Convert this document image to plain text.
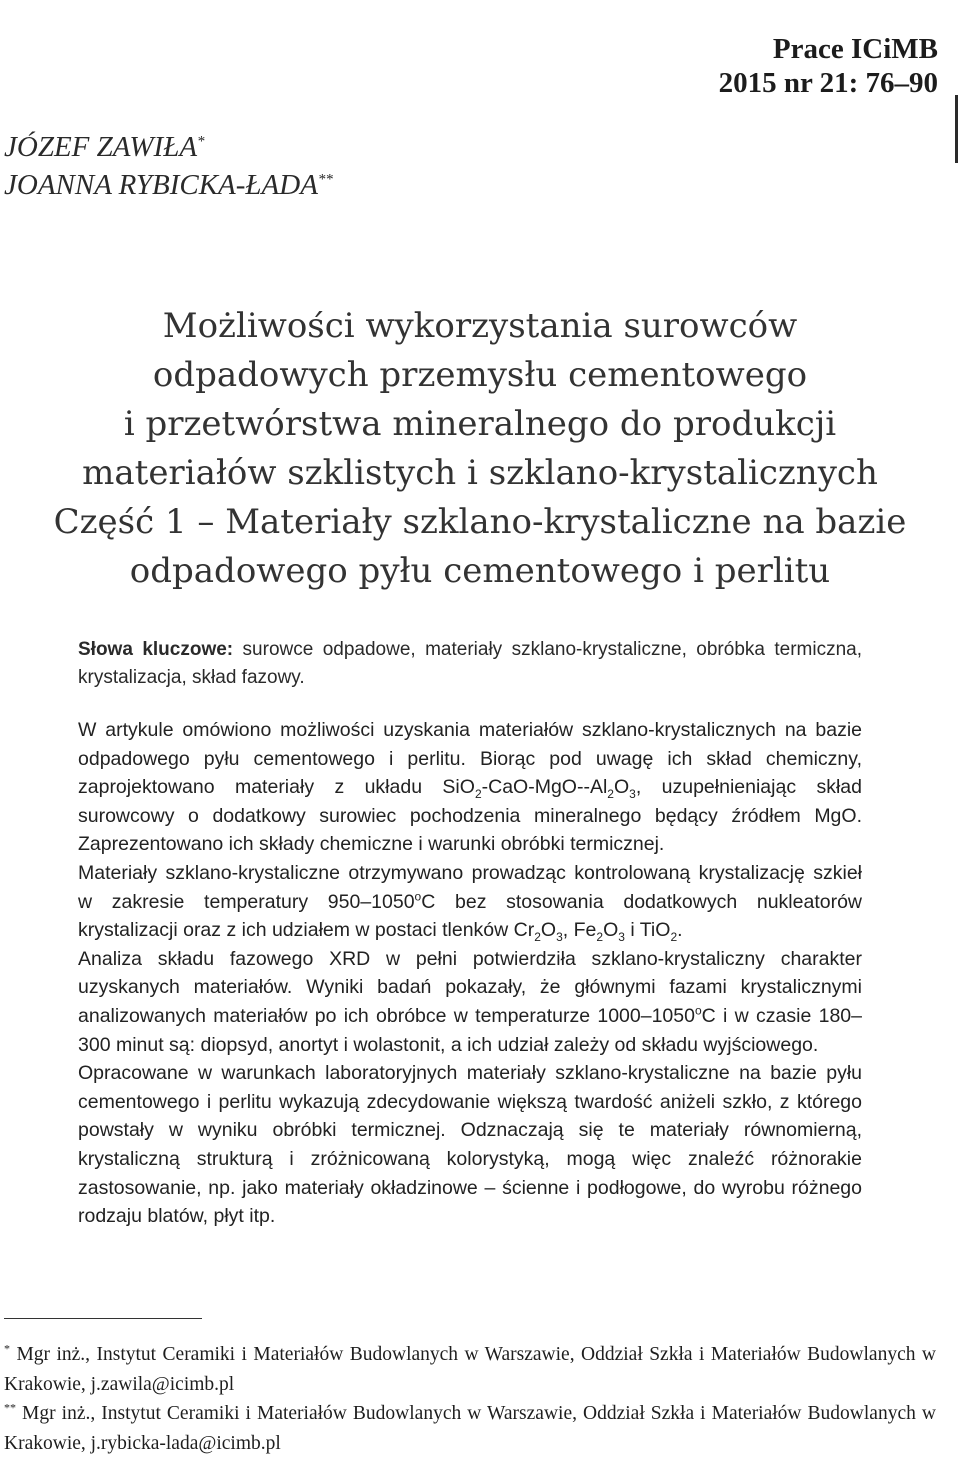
Prace ICiMB
2015 nr 21: 76–90
JÓZEF ZAWIŁA*
JOANNA RYBICKA-ŁADA**
Możliwości wykorzystania surowców
odpadowych przemysłu cementowego
i przetwórstwa mineralnego do produkcji
materiałów szklistych i szklano-krystalicznych
Część 1 – Materiały szklano-krystaliczne na bazie
odpadowego pyłu cementowego i perlitu
Słowa kluczowe: surowce odpadowe, materiały szklano-krystaliczne, obróbka termiczna, krystalizacja, skład fazowy.

W artykule omówiono możliwości uzyskania materiałów szklano-krystalicznych na bazie odpadowego pyłu cementowego i perlitu. Biorąc pod uwagę ich skład chemiczny, zaprojektowano materiały z układu $SiO_2-CaO-MgO--Al_2O_3$, uzupełnieniając skład surowcowy o dodatkowy surowiec pochodzenia mineralnego będący źródłem MgO. Zaprezentowano ich składy chemiczne i warunki obróbki termicznej.

Materiały szklano-krystaliczne otrzymywano prowadząc kontrolowaną krystalizację szkieł w zakresie temperatury 950–1050$^o$C bez stosowania dodatkowych nukleatorów krystalizacji oraz z ich udziałem w postaci tlenków $Cr_2O_3$, $Fe_2O_3$ i TiO$_2$.

Analiza składu fazowego XRD w pełni potwierdziła szklano-krystaliczny charakter uzyskanych materiałów. Wyniki badań pokazały, że głównymi fazami krystalicznymi analizowanych materiałów po ich obróbce w temperaturze 1000–1050$^o$C i w czasie 180–300 minut są: diopsyd, anortyt i wolastonit, a ich udział zależy od składu wyjściowego.

Opracowane w warunkach laboratoryjnych materiały szklano-krystaliczne na bazie pyłu cementowego i perlitu wykazują zdecydowanie większą twardość aniżeli szkło, z którego powstały w wyniku obróbki termicznej. Odznaczają się te materiały równomierną, krystaliczną strukturą i zróżnicowaną kolorystyką, mogą więc znaleźć różnorakie zastosowanie, np. jako materiały okładzinowe – ścienne i podłogowe, do wyrobu różnego rodzaju blatów, płyt itp.

* Mgr inż., Instytut Ceramiki i Materiałów Budowlanych w Warszawie, Oddział Szkła i Materiałów Budowlanych w Krakowie, j.zawila@icimb.pl

** Mgr inż., Instytut Ceramiki i Materiałów Budowlanych w Warszawie, Oddział Szkła i Materiałów Budowlanych w Krakowie, j.rybicka-lada@icimb.pl
